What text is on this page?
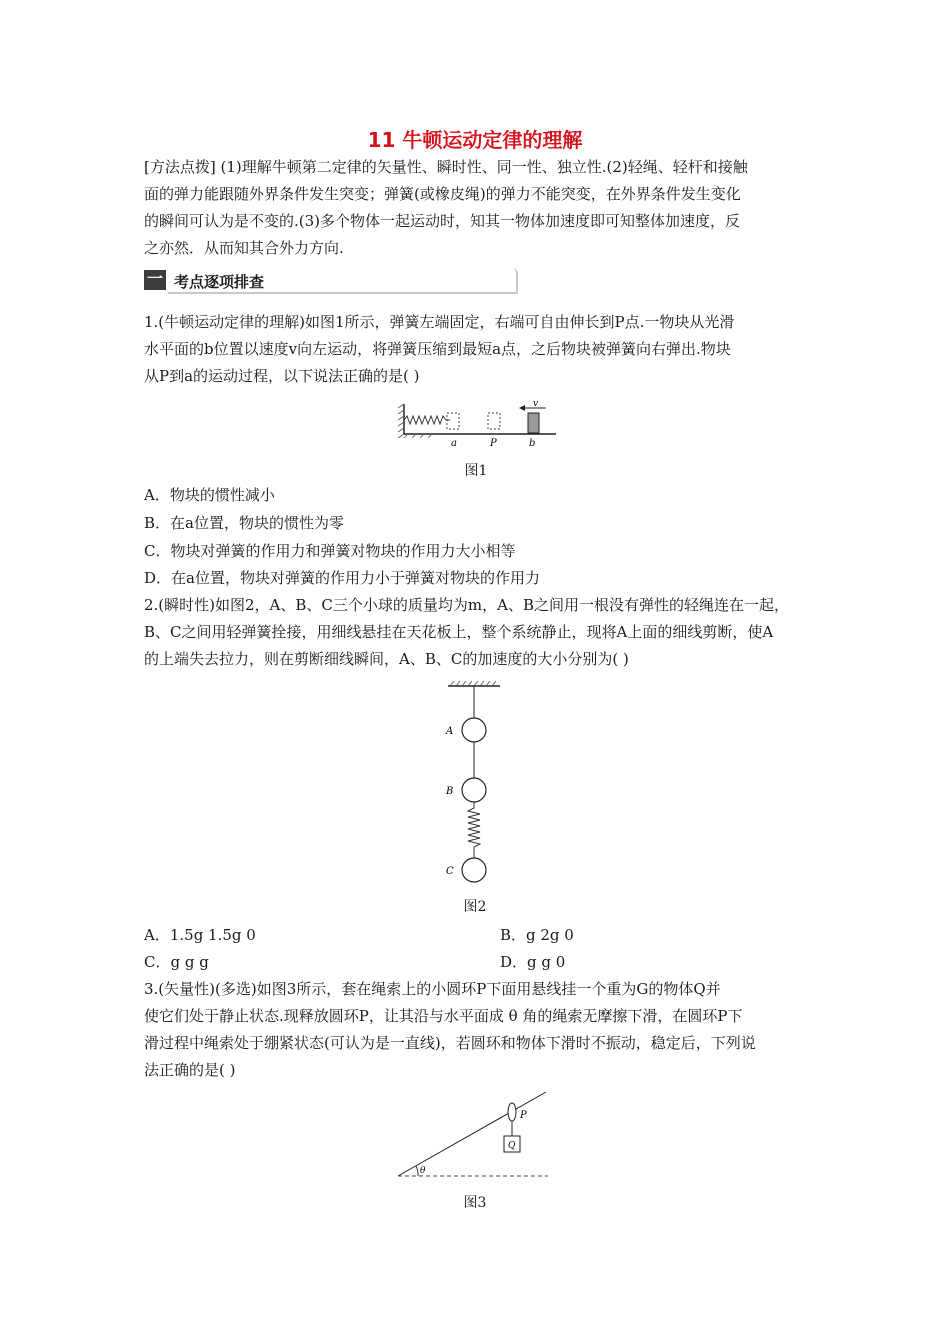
11 牛顿运动定律的理解
[方法点拨] (1)理解牛顿第二定律的矢量性、瞬时性、同一性、独立性.(2)轻绳、轻杆和接触
面的弹力能跟随外界条件发生突变；弹簧(或橡皮绳)的弹力不能突变，在外界条件发生变化
的瞬间可认为是不变的.(3)多个物体一起运动时，知其一物体加速度即可知整体加速度，反
之亦然．从而知其合外力方向.
一 考点逐项排查
1.(牛顿运动定律的理解)如图1所示，弹簧左端固定，右端可自由伸长到P点.一物块从光滑
水平面的b位置以速度v向左运动，将弹簧压缩到最短a点，之后物块被弹簧向右弹出.物块
从P到a的运动过程，以下说法正确的是( )
v
a	P	b
图1
A．物块的惯性减小
B．在a位置，物块的惯性为零
C．物块对弹簧的作用力和弹簧对物块的作用力大小相等
D．在a位置，物块对弹簧的作用力小于弹簧对物块的作用力
2.(瞬时性)如图2，A、B、C三个小球的质量均为m，A、B之间用一根没有弹性的轻绳连在一起，
B、C之间用轻弹簧拴接，用细线悬挂在天花板上，整个系统静止，现将A上面的细线剪断，使A
的上端失去拉力，则在剪断细线瞬间，A、B、C的加速度的大小分别为( )
A
B
C
图2
A．1.5g 1.5g 0	B．g 2g 0
C．g g g	D．g g 0
3.(矢量性)(多选)如图3所示，套在绳索上的小圆环P下面用悬线挂一个重为G的物体Q并
使它们处于静止状态.现释放圆环P，让其沿与水平面成 θ 角的绳索无摩擦下滑，在圆环P下
滑过程中绳索处于绷紧状态(可认为是一直线)，若圆环和物体下滑时不振动，稳定后，下列说
法正确的是( )
θ
P
Q
图3
